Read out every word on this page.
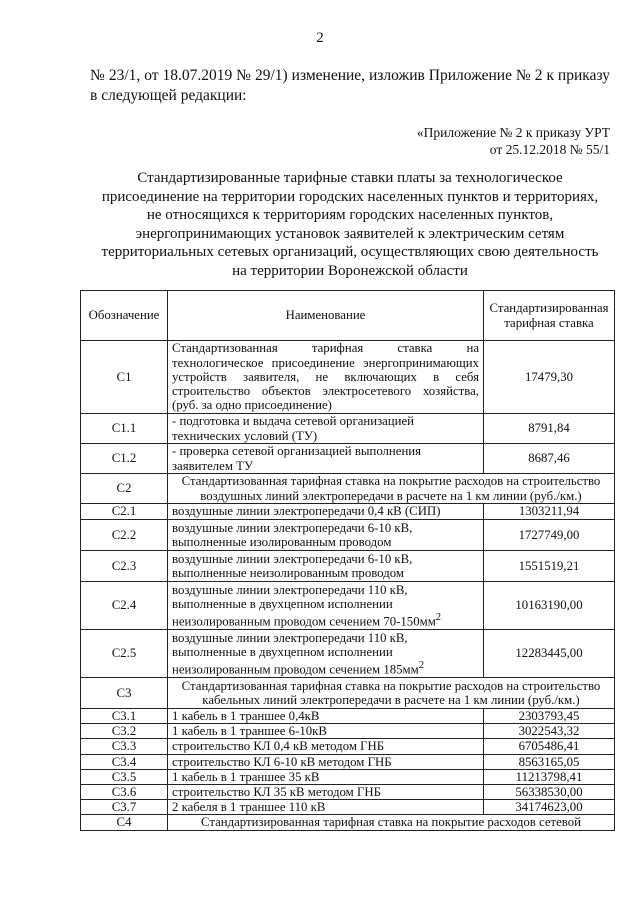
2
№ 23/1, от 18.07.2019 № 29/1) изменение, изложив Приложение № 2 к приказу в следующей редакции:
«Приложение № 2 к приказу УРТ
от 25.12.2018 № 55/1
Стандартизированные тарифные ставки платы за технологическое
присоединение на территории городских населенных пунктов и территориях,
не относящихся к территориям городских населенных пунктов,
энергопринимающих установок заявителей к электрическим сетям
территориальных сетевых организаций, осуществляющих свою деятельность
на территории Воронежской области
Обозначение	Наименование	Стандартизированная
тарифная ставка

С1	Стандартизованная тарифная ставка на технологическое присоединение энергопринимающих устройств заявителя, не включающих в себя строительство объектов электросетевого хозяйства, (руб. за одно присоединение)	17479,30
С1.1	- подготовка и выдача сетевой организацией технических условий (ТУ)	8791,84
С1.2	- проверка сетевой организацией выполнения заявителем ТУ	8687,46
С2	Стандартизованная тарифная ставка на покрытие расходов на строительство
воздушных линий электропередачи в расчете на 1 км линии (руб./км.)	

С2.1	воздушные линии электропередачи 0,4 кВ (СИП)	1303211,94
С2.2	воздушные линии электропередачи 6-10 кВ, выполненные изолированным проводом	1727749,00
С2.3	воздушные линии электропередачи 6-10 кВ, выполненные неизолированным проводом	1551519,21
С2.4	воздушные линии электропередачи 110 кВ,
выполненные в двухцепном исполнении
неизолированным проводом сечением $70-150мм^2$	10163190,00
С2.5	воздушные линии электропередачи 110 кВ,
выполненные в двухцепном исполнении
неизолированным проводом сечением $185мм^2$	12283445,00
С3	Стандартизованная тарифная ставка на покрытие расходов на строительство
кабельных линий электропередачи в расчете на 1 км линии (руб./км.)	

С3.1	1 кабель в 1 траншее 0,4кВ	2303793,45
С3.2	1 кабель в 1 траншее 6-10кВ	3022543,32
С3.3	строительство КЛ 0,4 кВ методом ГНБ	6705486,41
С3.4	строительство КЛ 6-10 кВ методом ГНБ	8563165,05
С3.5	1 кабель в 1 траншее 35 кВ	11213798,41
С3.6	строительство КЛ 35 кВ методом ГНБ	56338530,00
С3.7	2 кабеля в 1 траншее 110 кВ	34174623,00
С4	Стандартизированная тарифная ставка на покрытие расходов сетевой	
